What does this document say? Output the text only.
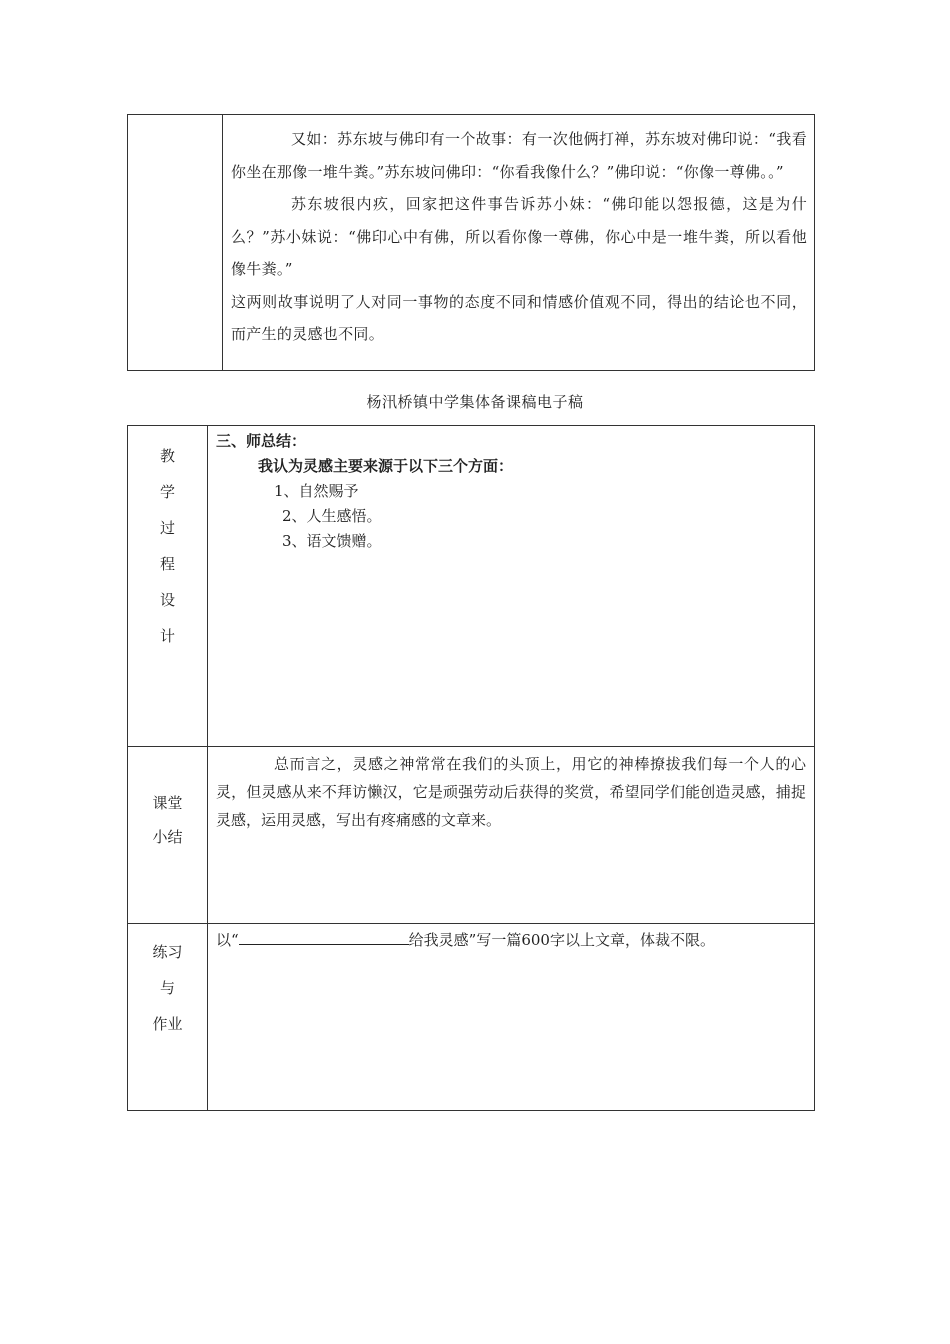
又如：苏东坡与佛印有一个故事：有一次他俩打禅，苏东坡对佛印说：“我看你坐在那像一堆牛粪。”苏东坡问佛印：“你看我像什么？”佛印说：“你像一尊佛。。”

苏东坡很内疚，回家把这件事告诉苏小妹：“佛印能以怨报德，这是为什么？”苏小妹说：“佛印心中有佛，所以看你像一尊佛，你心中是一堆牛粪，所以看他像牛粪。”

这两则故事说明了人对同一事物的态度不同和情感价值观不同，得出的结论也不同，而产生的灵感也不同。

杨汛桥镇中学集体备课稿电子稿
教
学
过
程
设
计
三、师总结：
我认为灵感主要来源于以下三个方面：
1、自然赐予
2、人生感悟。
3、语文馈赠。
课堂
小结

总而言之，灵感之神常常在我们的头顶上，用它的神棒撩拔我们每一个人的心灵，但灵感从来不拜访懒汉，它是顽强劳动后获得的奖赏，希望同学们能创造灵感，捕捉灵感，运用灵感，写出有疼痛感的文章来。

练习
与
作业
以“	给我灵感”写一篇600字以上文章，体裁不限。
